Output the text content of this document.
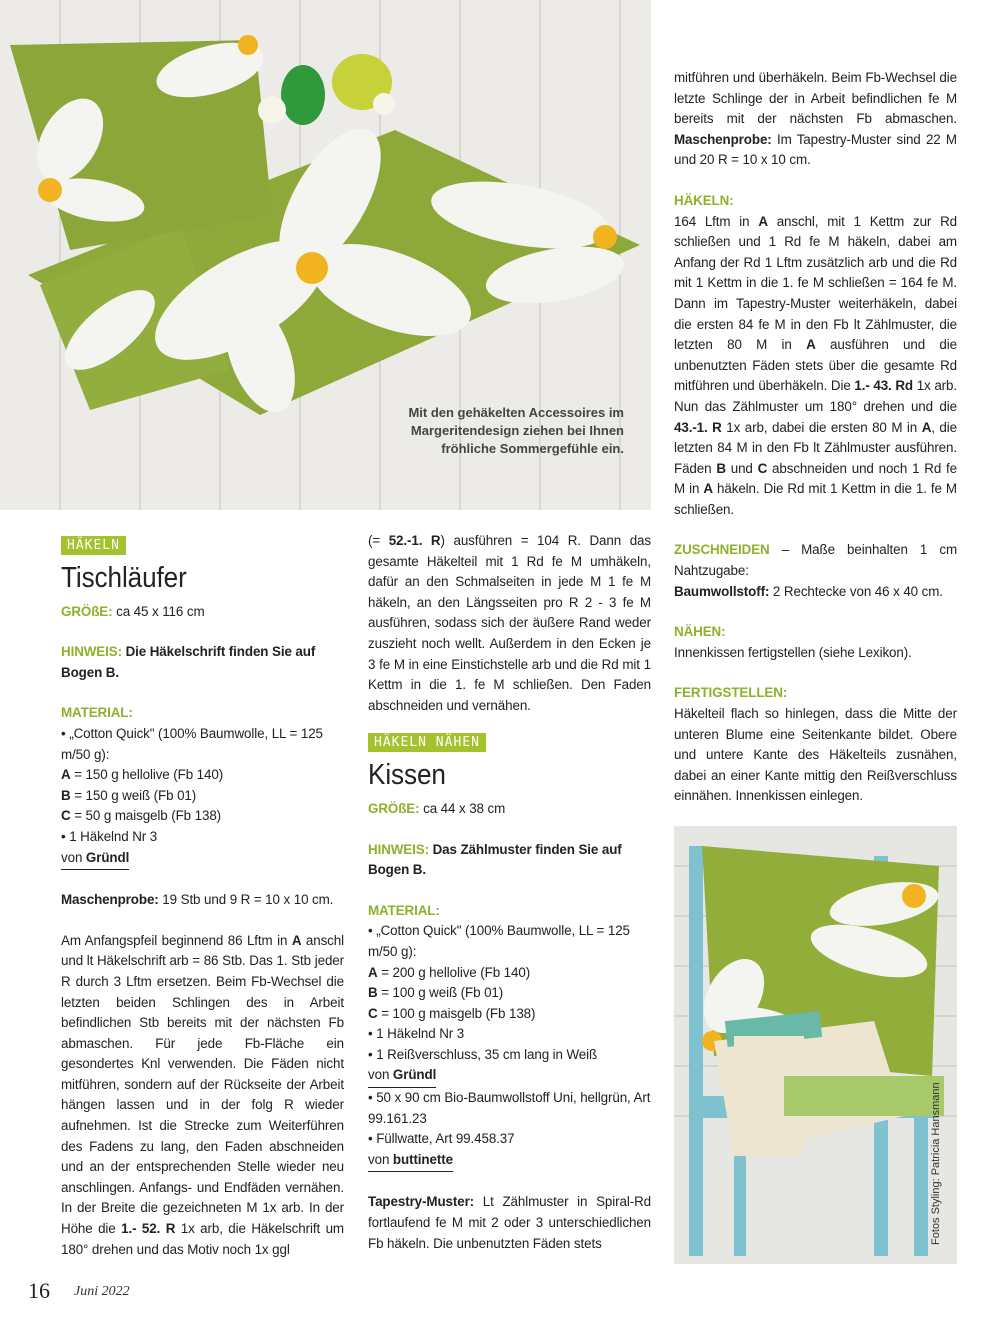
Mit den gehäkelten Accessoires im Margeritendesign ziehen bei Ihnen fröhliche Sommergefühle ein.

mitführen und überhäkeln. Beim Fb-Wechsel die letzte Schlinge der in Arbeit befindlichen fe M bereits mit der nächsten Fb abmaschen. Maschenprobe: Im Tapestry-Muster sind 22 M und 20 R = 10 x 10 cm.

HÄKELN:

164 Lftm in A anschl, mit 1 Kettm zur Rd schließen und 1 Rd fe M häkeln, dabei am Anfang der Rd 1 Lftm zusätzlich arb und die Rd mit 1 Kettm in die 1. fe M schließen = 164 fe M. Dann im Tapestry-Muster weiterhäkeln, dabei die ersten 84 fe M in den Fb lt Zählmuster, die letzten 80 M in A ausführen und die unbenutzten Fäden stets über die gesamte Rd mitführen und überhäkeln. Die 1.- 43. Rd 1x arb. Nun das Zählmuster um 180° drehen und die 43.-1. R 1x arb, dabei die ersten 80 M in A, die letzten 84 M in den Fb lt Zählmuster ausführen. Fäden B und C abschneiden und noch 1 Rd fe M in A häkeln. Die Rd mit 1 Kettm in die 1. fe M schließen.

ZUSCHNEIDEN – Maße beinhalten 1 cm Nahtzugabe:

Baumwollstoff: 2 Rechtecke von 46 x 40 cm.

NÄHEN:

Innenkissen fertigstellen (siehe Lexikon).

FERTIGSTELLEN:

Häkelteil flach so hinlegen, dass die Mitte der unteren Blume eine Seitenkante bildet. Obere und untere Kante des Häkelteils zusnähen, dabei an einer Kante mittig den Reißverschluss einnähen. Innenkissen einlegen.

Fotos Styling: Patricia Hansmann
HÄKELN
Tischläufer

GRÖßE: ca 45 x 116 cm

HINWEIS: Die Häkelschrift finden Sie auf Bogen B.

MATERIAL:

• „Cotton Quick" (100% Baumwolle, LL = 125 m/50 g):

A = 150 g hellolive (Fb 140)

B = 150 g weiß (Fb 01)

C = 50 g maisgelb (Fb 138)

• 1 Häkelnd Nr 3

von Gründl

Maschenprobe: 19 Stb und 9 R = 10 x 10 cm.

Am Anfangspfeil beginnend 86 Lftm in A anschl und lt Häkelschrift arb = 86 Stb. Das 1. Stb jeder R durch 3 Lftm ersetzen. Beim Fb-Wechsel die letzten beiden Schlingen des in Arbeit befindlichen Stb bereits mit der nächsten Fb abmaschen. Für jede Fb-Fläche ein gesondertes Knl verwenden. Die Fäden nicht mitführen, sondern auf der Rückseite der Arbeit hängen lassen und in der folg R wieder aufnehmen. Ist die Strecke zum Weiterführen des Fadens zu lang, den Faden abschneiden und an der entsprechenden Stelle wieder neu anschlingen. Anfangs- und Endfäden vernähen. In der Breite die gezeichneten M 1x arb. In der Höhe die 1.- 52. R 1x arb, die Häkelschrift um 180° drehen und das Motiv noch 1x ggl

(= 52.-1. R) ausführen = 104 R. Dann das gesamte Häkelteil mit 1 Rd fe M umhäkeln, dafür an den Schmalseiten in jede M 1 fe M häkeln, an den Längsseiten pro R 2 - 3 fe M ausführen, sodass sich der äußere Rand weder zuszieht noch wellt. Außerdem in den Ecken je 3 fe M in eine Einstichstelle arb und die Rd mit 1 Kettm in die 1. fe M schließen. Den Faden abschneiden und vernähen.

HÄKELN NÄHEN
Kissen

GRÖßE: ca 44 x 38 cm

HINWEIS: Das Zählmuster finden Sie auf Bogen B.

MATERIAL:

• „Cotton Quick" (100% Baumwolle, LL = 125 m/50 g):

A = 200 g hellolive (Fb 140)

B = 100 g weiß (Fb 01)

C = 100 g maisgelb (Fb 138)

• 1 Häkelnd Nr 3

• 1 Reißverschluss, 35 cm lang in Weiß

von Gründl

• 50 x 90 cm Bio-Baumwollstoff Uni, hellgrün, Art 99.161.23

• Füllwatte, Art 99.458.37

von buttinette

Tapestry-Muster: Lt Zählmuster in Spiral-Rd fortlaufend fe M mit 2 oder 3 unterschiedlichen Fb häkeln. Die unbenutzten Fäden stets

16 Juni 2022
